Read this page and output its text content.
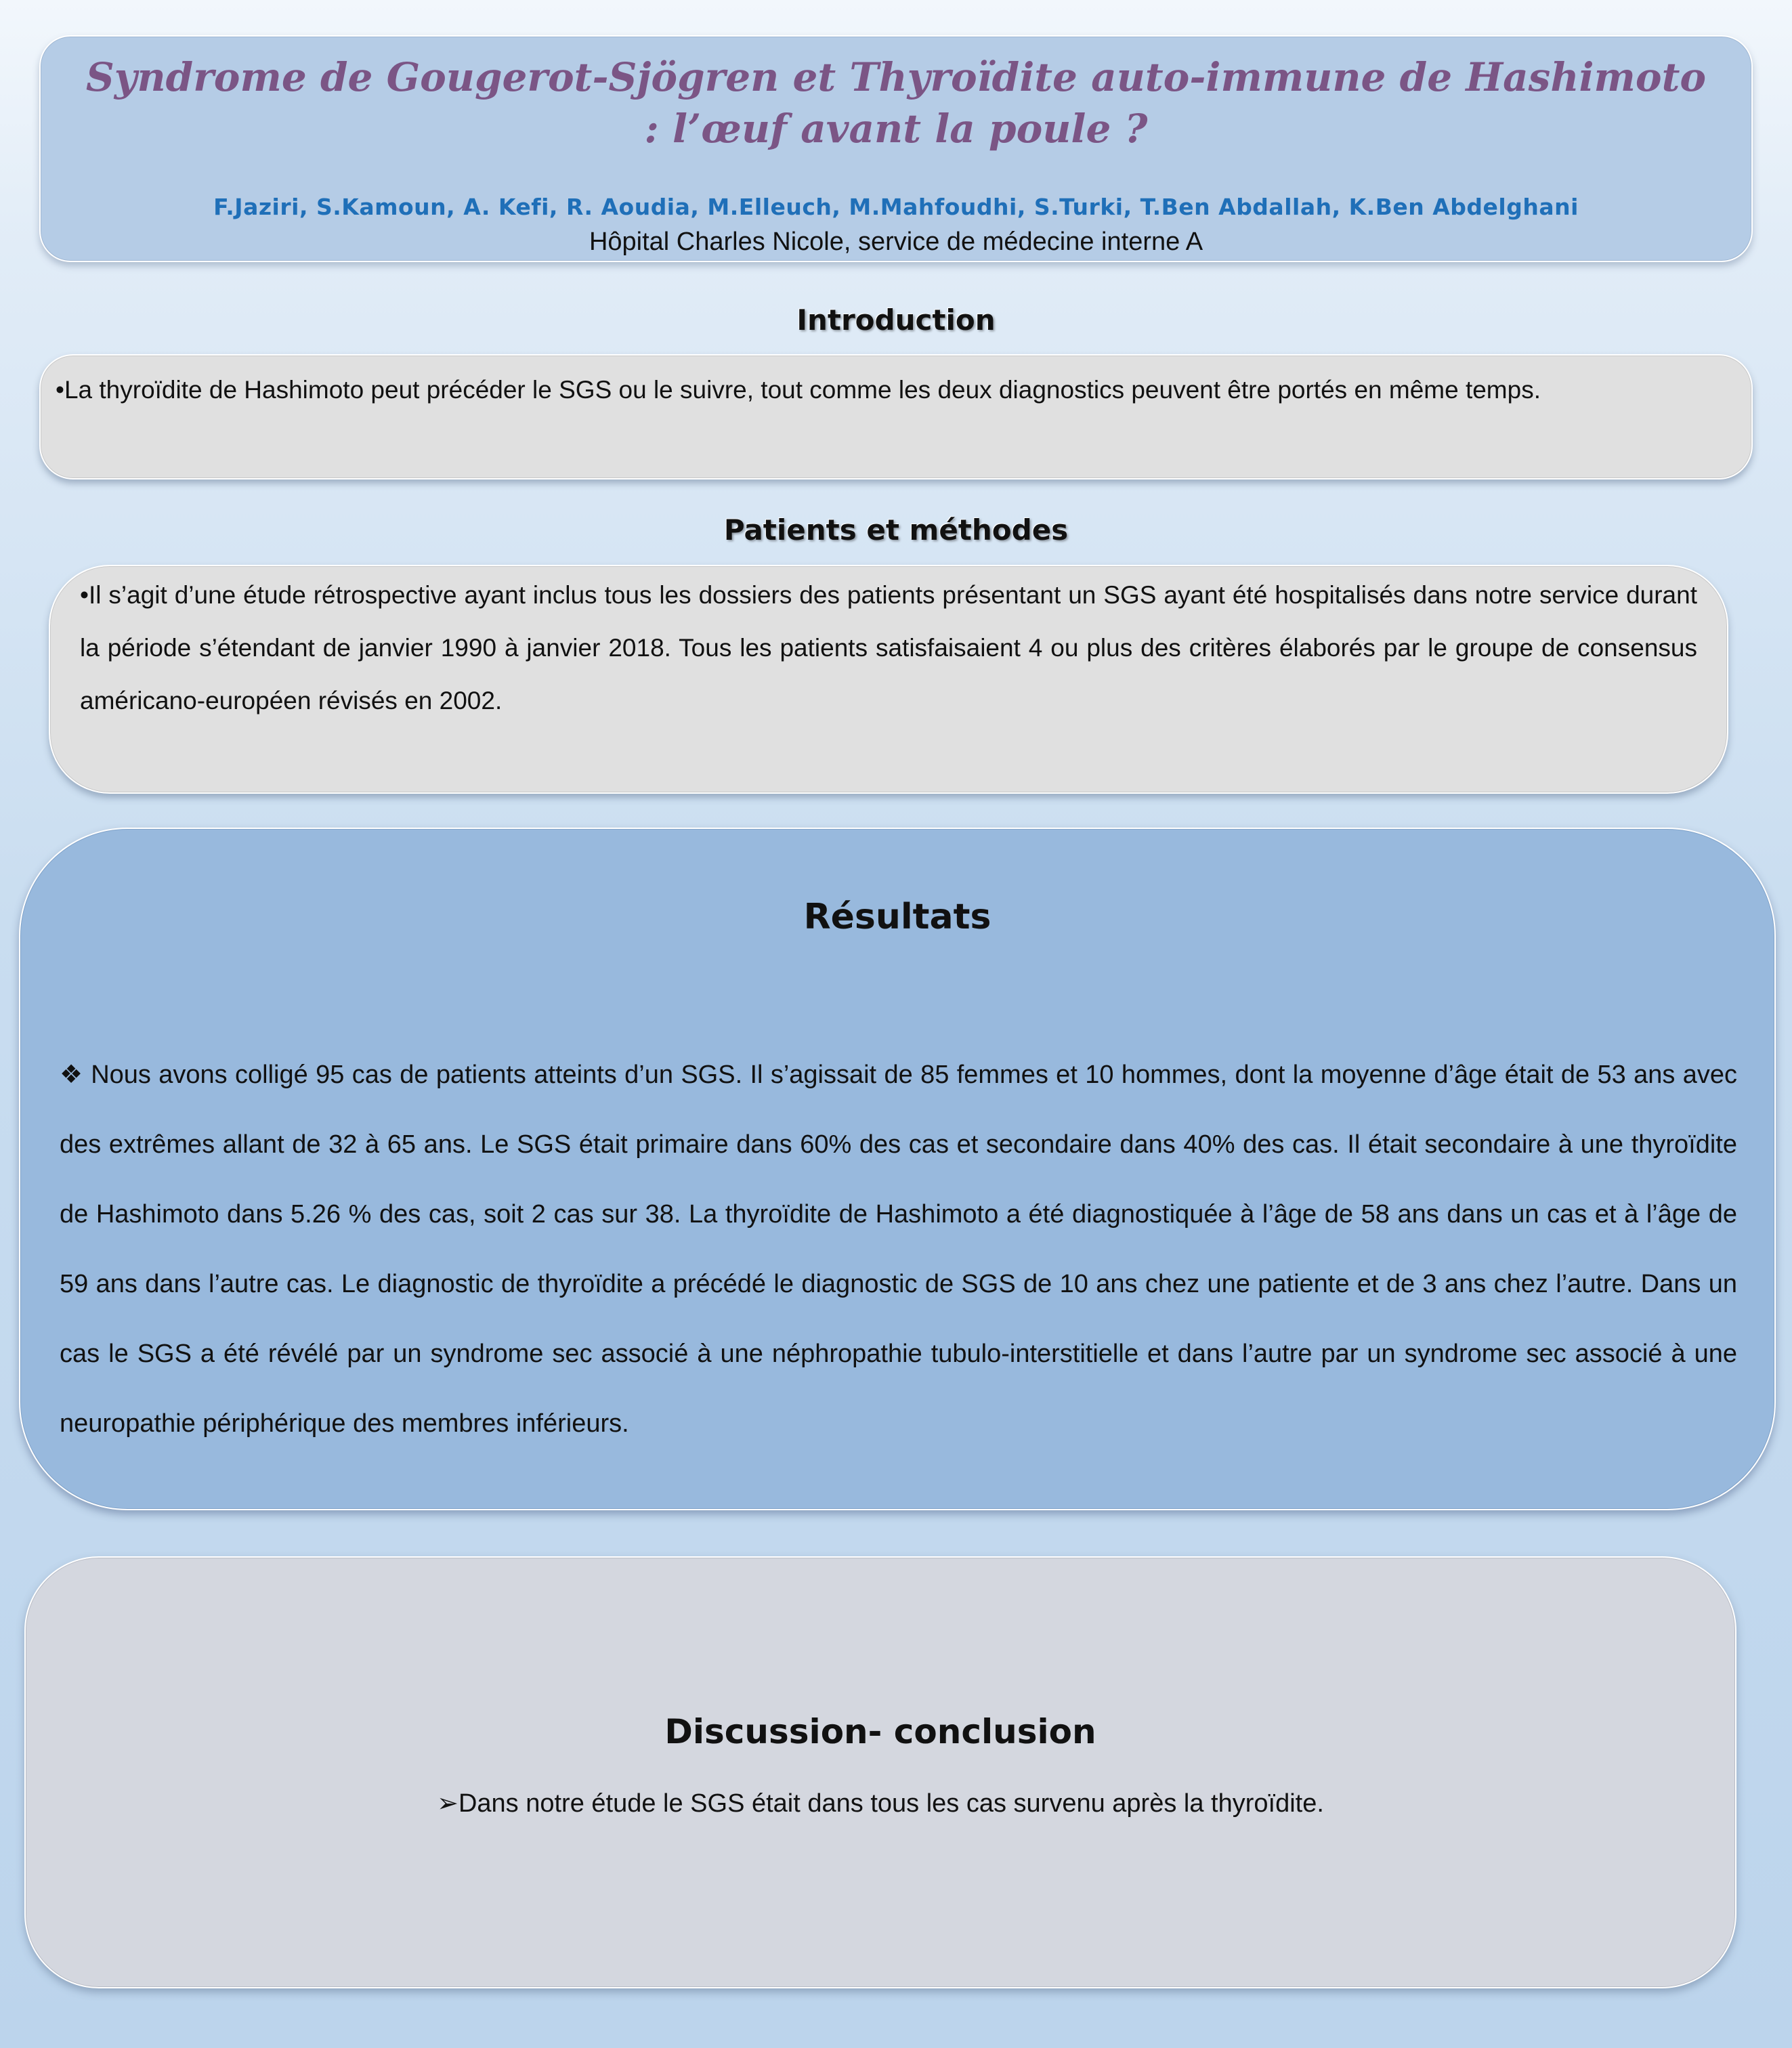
Syndrome de Gougerot-Sjögren et Thyroïdite auto-immune de Hashimoto : l’œuf avant la poule ?
F.Jaziri, S.Kamoun, A. Kefi, R. Aoudia, M.Elleuch, M.Mahfoudhi, S.Turki, T.Ben Abdallah, K.Ben Abdelghani
Hôpital Charles Nicole, service de médecine interne A
Introduction

•La thyroïdite de Hashimoto peut précéder le SGS ou le suivre, tout comme les deux diagnostics peuvent être portés en même temps.

Patients et méthodes

•Il s’agit d’une étude rétrospective ayant inclus tous les dossiers des patients présentant un SGS ayant été hospitalisés dans notre service durant la période s’étendant de janvier 1990 à janvier 2018. Tous les patients satisfaisaient 4 ou plus des critères élaborés par le groupe de consensus américano-européen révisés en 2002.

Résultats

❖ Nous avons colligé 95 cas de patients atteints d’un SGS. Il s’agissait de 85 femmes et 10 hommes, dont la moyenne d’âge était de 53 ans avec des extrêmes allant de 32 à 65 ans. Le SGS était primaire dans 60% des cas et secondaire dans 40% des cas. Il était secondaire à une thyroïdite de Hashimoto dans 5.26 % des cas, soit 2 cas sur 38. La thyroïdite de Hashimoto a été diagnostiquée à l’âge de 58 ans dans un cas et à l’âge de 59 ans dans l’autre cas. Le diagnostic de thyroïdite a précédé le diagnostic de SGS de 10 ans chez une patiente et de 3 ans chez l’autre. Dans un cas le SGS a été révélé par un syndrome sec associé à une néphropathie tubulo-interstitielle et dans l’autre par un syndrome sec associé à une neuropathie périphérique des membres inférieurs.

Discussion- conclusion

➢Dans notre étude le SGS était dans tous les cas survenu après la thyroïdite.
